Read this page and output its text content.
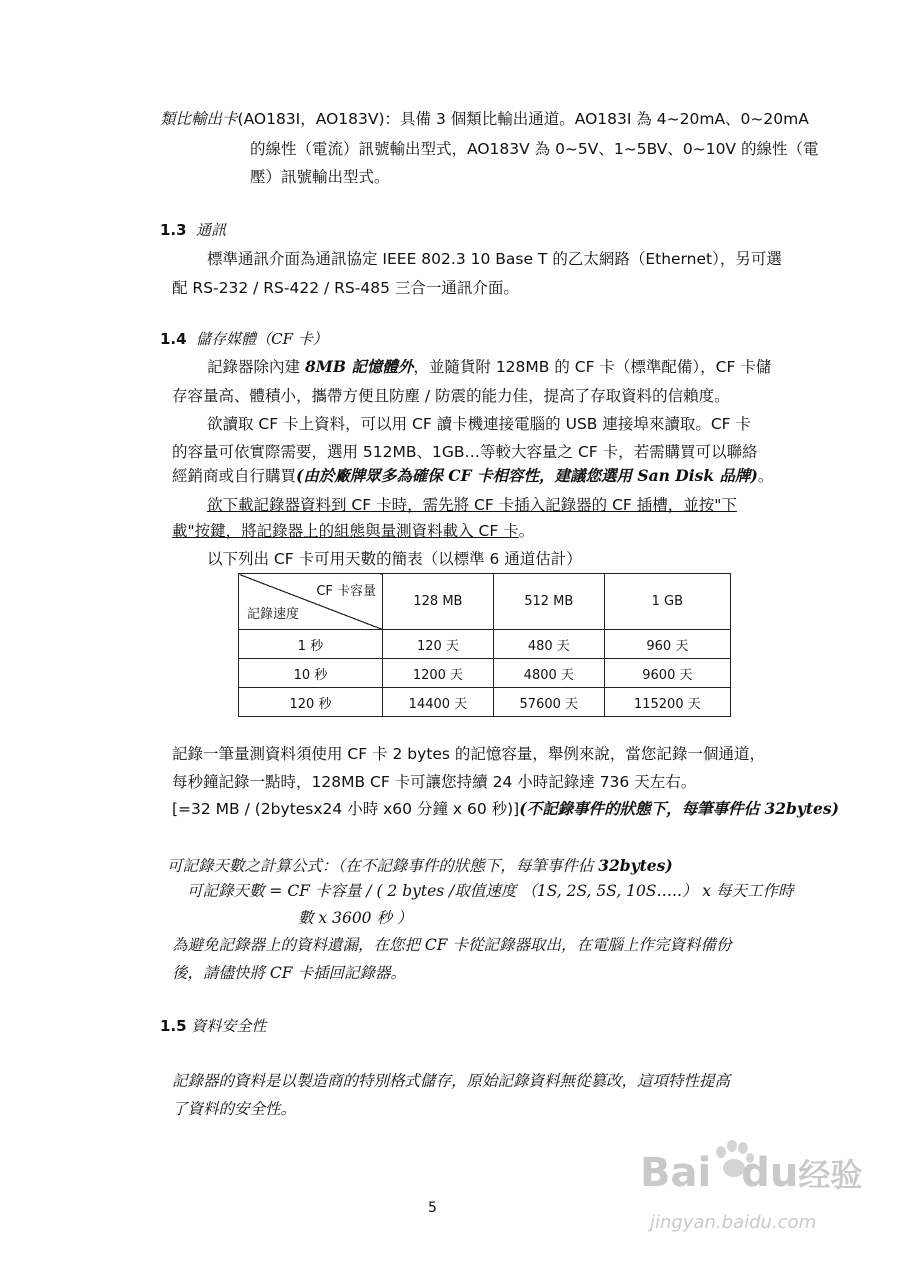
類比輸出卡(AO183I，AO183V)：具備 3 個類比輸出通道。AO183I 為 4~20mA、0~20mA
的線性（電流）訊號輸出型式，AO183V 為 0~5V、1~5BV、0~10V 的線性（電
壓）訊號輸出型式。
1.3 通訊
標準通訊介面為通訊協定 IEEE 802.3 10 Base T 的乙太網路（Ethernet），另可選
配 RS-232 / RS-422 / RS-485 三合一通訊介面。
1.4 儲存媒體（CF 卡）
記錄器除內建 8MB 記憶體外，並隨貨附 128MB 的 CF 卡（標準配備），CF 卡儲
存容量高、體積小，攜帶方便且防塵 / 防震的能力佳，提高了存取資料的信賴度。
欲讀取 CF 卡上資料，可以用 CF 讀卡機連接電腦的 USB 連接埠來讀取。CF 卡
的容量可依實際需要，選用 512MB、1GB…等較大容量之 CF 卡，若需購買可以聯絡
經銷商或自行購買(由於廠牌眾多為確保 CF 卡相容性，建議您選用 San Disk 品牌)。
欲下載記錄器資料到 CF 卡時，需先將 CF 卡插入記錄器的 CF 插槽，並按"下
載"按鍵，將記錄器上的組態與量測資料載入 CF 卡。
以下列出 CF 卡可用天數的簡表（以標準 6 通道估計）
CF 卡容量
記錄速度	128 MB	512 MB	1 GB
1 秒	120 天	480 天	960 天
10 秒	1200 天	4800 天	9600 天
120 秒	14400 天	57600 天	115200 天
記錄一筆量測資料須使用 CF 卡 2 bytes 的記憶容量，舉例來說，當您記錄一個通道，
每秒鐘記錄一點時，128MB CF 卡可讓您持續 24 小時記錄達 736 天左右。
[=32 MB / (2bytesx24 小時 x60 分鐘 x 60 秒)](不記錄事件的狀態下，每筆事件佔 32bytes)
可記錄天數之計算公式：（在不記錄事件的狀態下，每筆事件佔 32bytes)
可記錄天數 = CF 卡容量 / ( 2 bytes /取值速度 （1S, 2S, 5S, 10S…..） x 每天工作時
數 x 3600 秒 ）
為避免記錄器上的資料遺漏，在您把 CF 卡從記錄器取出，在電腦上作完資料備份
後，請儘快將 CF 卡插回記錄器。
1.5 資料安全性
記錄器的資料是以製造商的特別格式儲存，原始記錄資料無從篡改，這項特性提高
了資料的安全性。
5
Bai du经验
jingyan.baidu.com
